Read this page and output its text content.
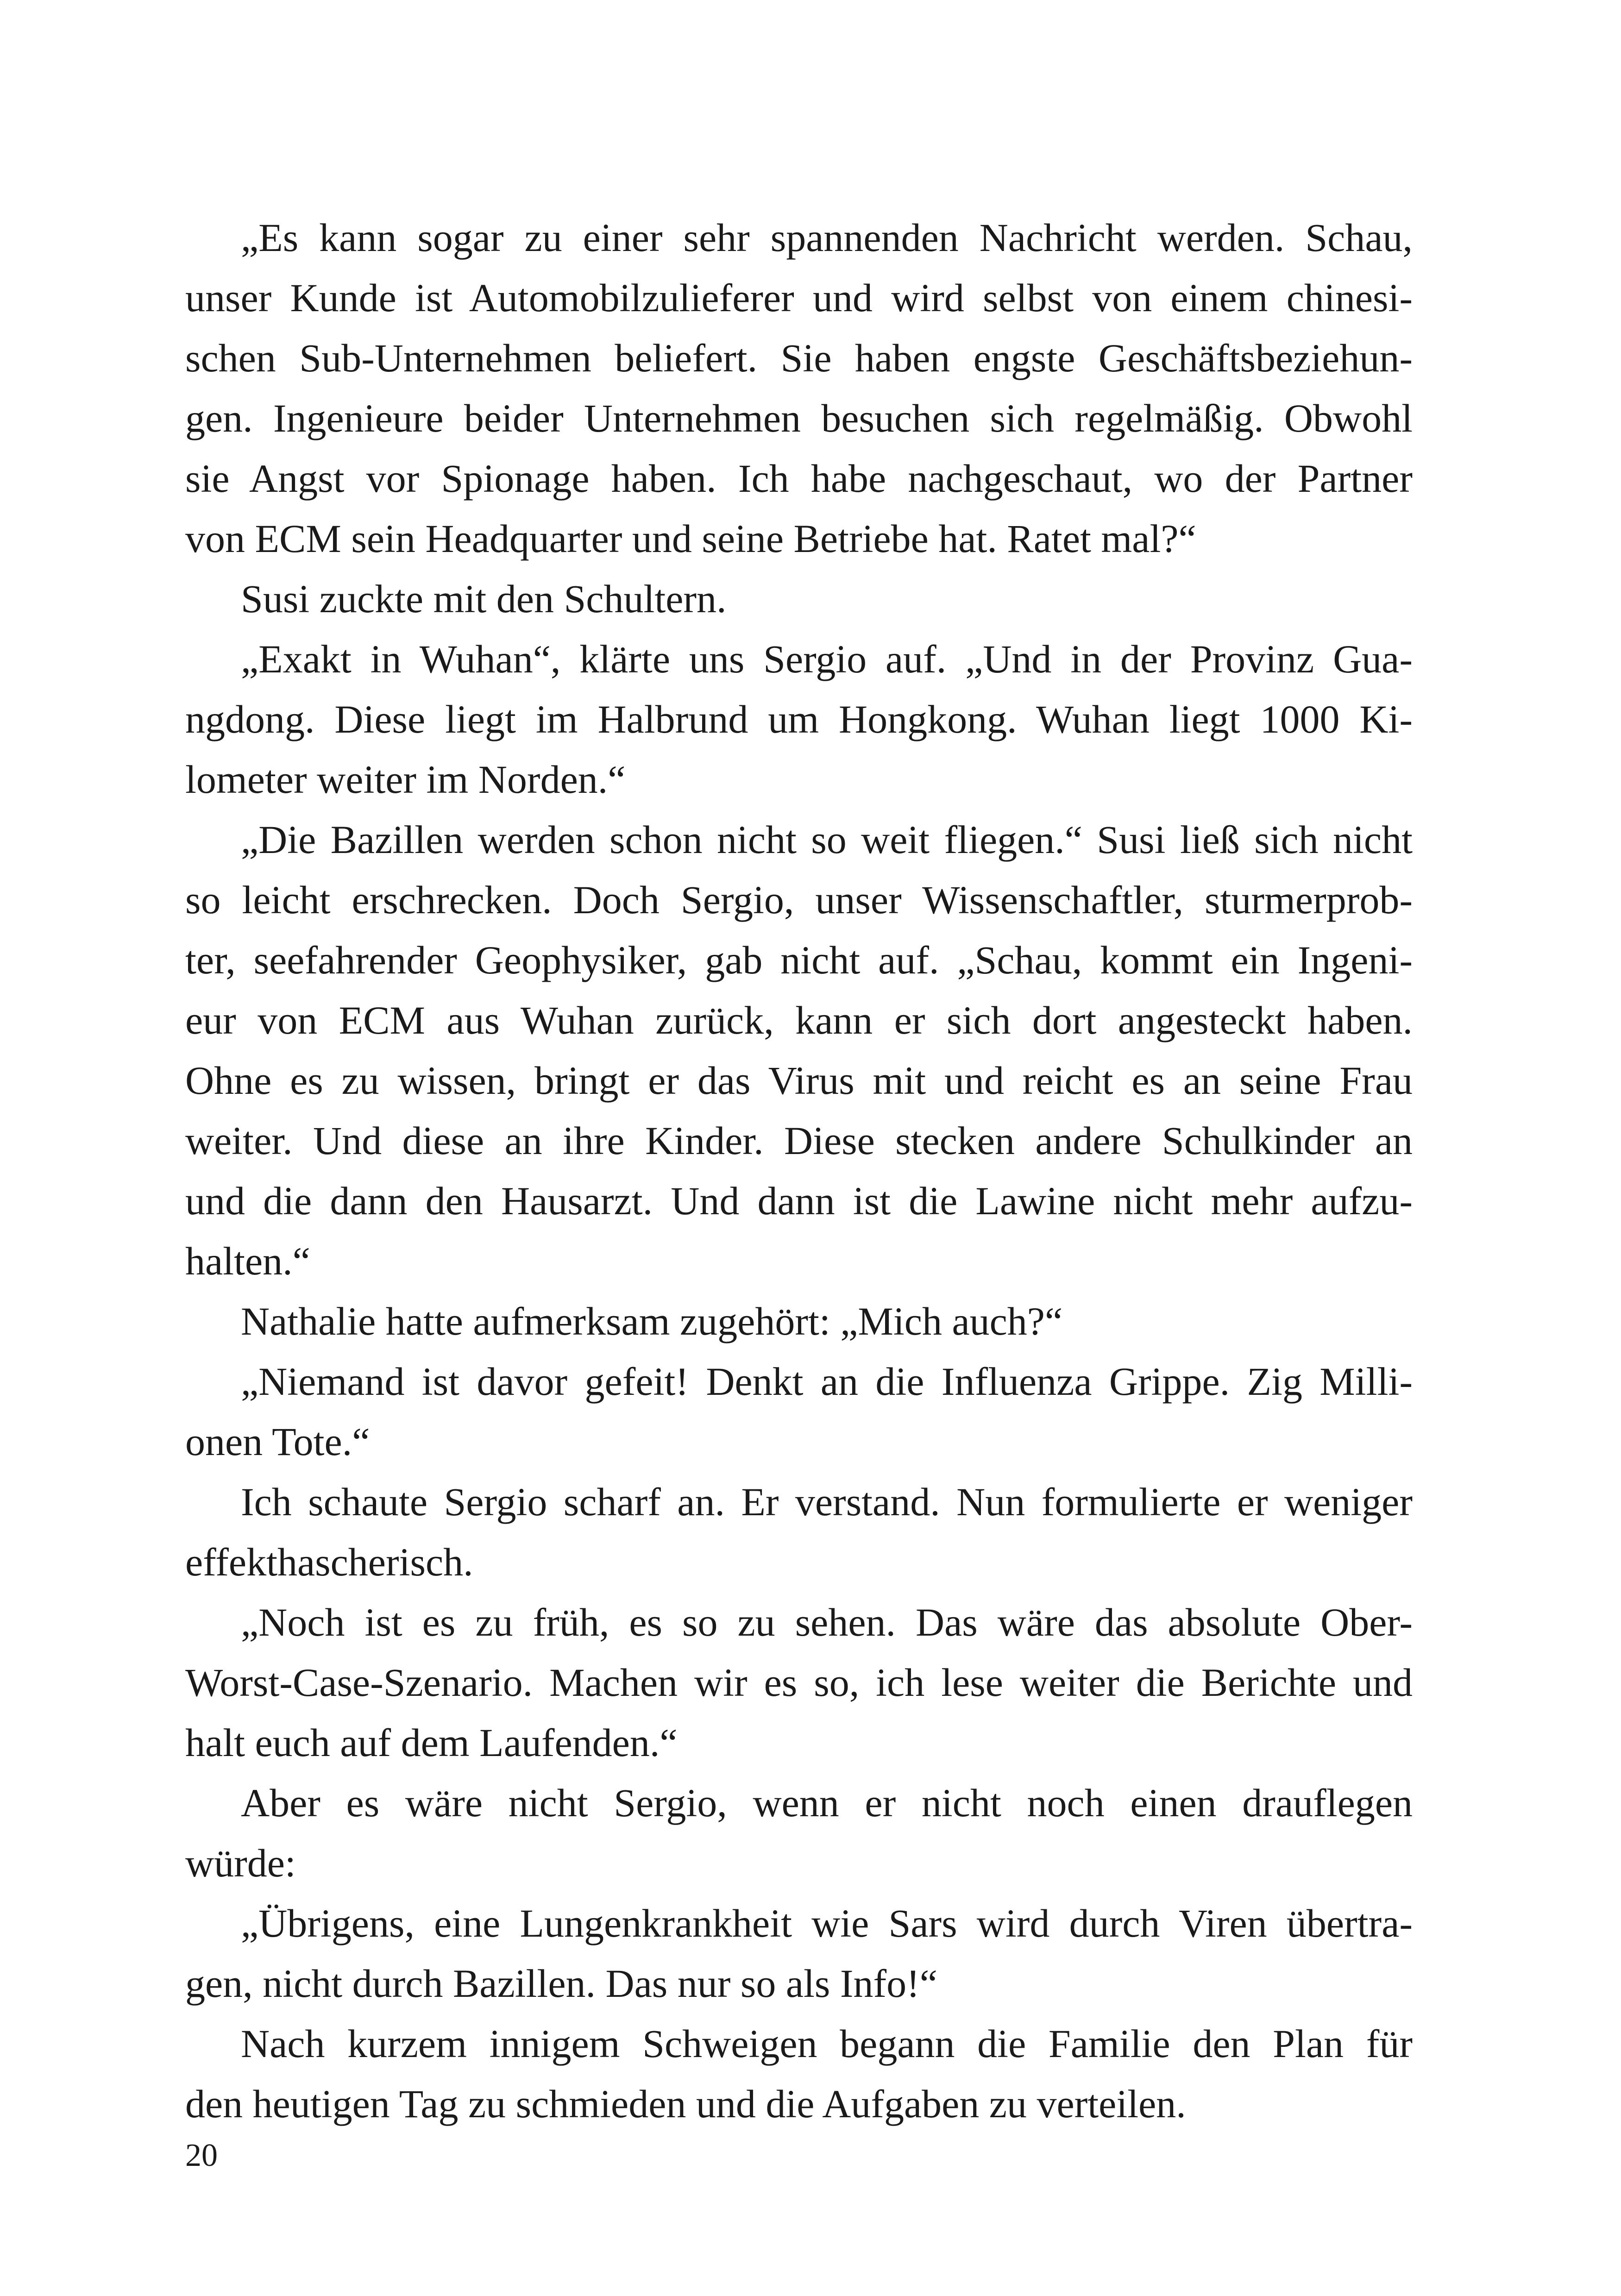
„Es kann sogar zu einer sehr spannenden Nachricht werden. Schau,
unser Kunde ist Automobilzulieferer und wird selbst von einem chinesi-
schen Sub-Unternehmen beliefert. Sie haben engste Geschäftsbeziehun-
gen. Ingenieure beider Unternehmen besuchen sich regelmäßig. Obwohl
sie Angst vor Spionage haben. Ich habe nachgeschaut, wo der Partner
von ECM sein Headquarter und seine Betriebe hat. Ratet mal?“
Susi zuckte mit den Schultern.
„Exakt in Wuhan“, klärte uns Sergio auf. „Und in der Provinz Gua-
ngdong. Diese liegt im Halbrund um Hongkong. Wuhan liegt 1000 Ki-
lometer weiter im Norden.“
„Die Bazillen werden schon nicht so weit fliegen.“ Susi ließ sich nicht
so leicht erschrecken. Doch Sergio, unser Wissenschaftler, sturmerprob-
ter, seefahrender Geophysiker, gab nicht auf. „Schau, kommt ein Ingeni-
eur von ECM aus Wuhan zurück, kann er sich dort angesteckt haben.
Ohne es zu wissen, bringt er das Virus mit und reicht es an seine Frau
weiter. Und diese an ihre Kinder. Diese stecken andere Schulkinder an
und die dann den Hausarzt. Und dann ist die Lawine nicht mehr aufzu-
halten.“
Nathalie hatte aufmerksam zugehört: „Mich auch?“
„Niemand ist davor gefeit! Denkt an die Influenza Grippe. Zig Milli-
onen Tote.“
Ich schaute Sergio scharf an. Er verstand. Nun formulierte er weniger
effekthascherisch.
„Noch ist es zu früh, es so zu sehen. Das wäre das absolute Ober-
Worst-Case-Szenario. Machen wir es so, ich lese weiter die Berichte und
halt euch auf dem Laufenden.“
Aber es wäre nicht Sergio, wenn er nicht noch einen drauflegen
würde:
„Übrigens, eine Lungenkrankheit wie Sars wird durch Viren übertra-
gen, nicht durch Bazillen. Das nur so als Info!“
Nach kurzem innigem Schweigen begann die Familie den Plan für
den heutigen Tag zu schmieden und die Aufgaben zu verteilen.
20
